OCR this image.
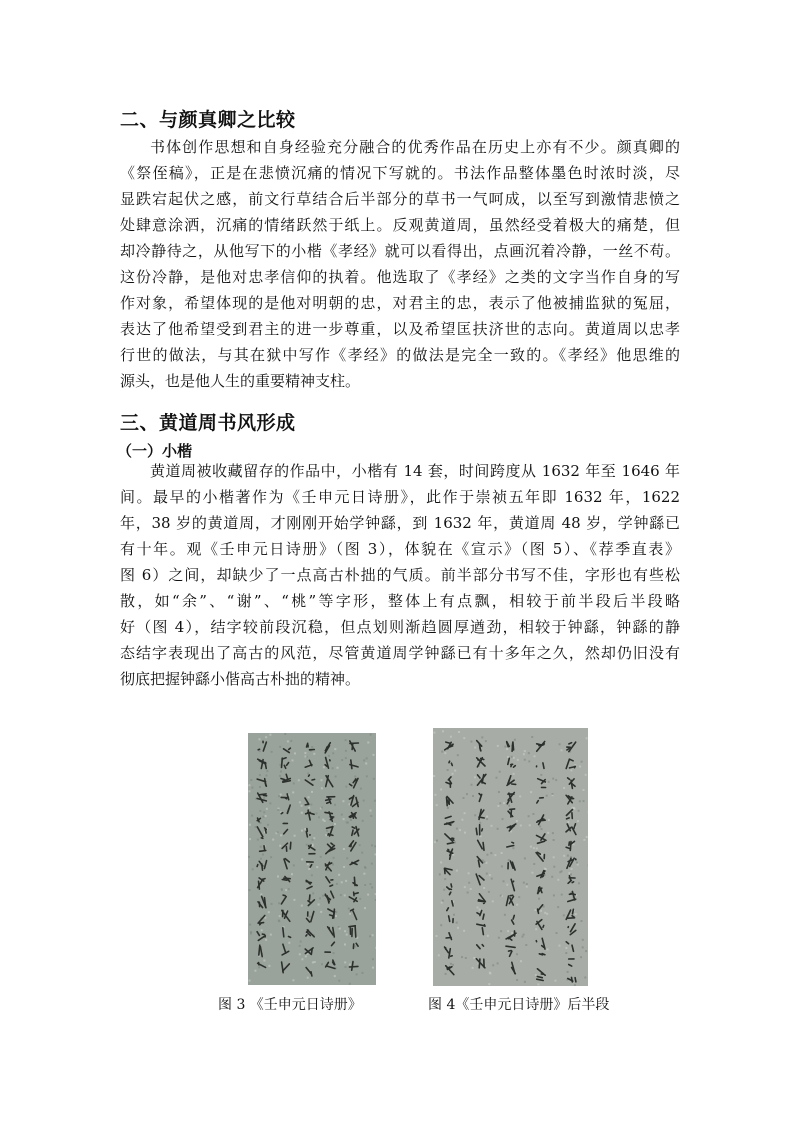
二、与颜真卿之比较
书体创作思想和自身经验充分融合的优秀作品在历史上亦有不少。颜真卿的
《祭侄稿》，正是在悲愤沉痛的情况下写就的。书法作品整体墨色时浓时淡，尽
显跌宕起伏之感，前文行草结合后半部分的草书一气呵成，以至写到激情悲愤之
处肆意涂洒，沉痛的情绪跃然于纸上。反观黄道周，虽然经受着极大的痛楚，但
却冷静待之，从他写下的小楷《孝经》就可以看得出，点画沉着冷静，一丝不苟。
这份冷静，是他对忠孝信仰的执着。他选取了《孝经》之类的文字当作自身的写
作对象，希望体现的是他对明朝的忠，对君主的忠，表示了他被捕监狱的冤屈，
表达了他希望受到君主的进一步尊重，以及希望匡扶济世的志向。黄道周以忠孝
行世的做法，与其在狱中写作《孝经》的做法是完全一致的。《孝经》他思维的
源头，也是他人生的重要精神支柱。
三、黄道周书风形成
（一）小楷
黄道周被收藏留存的作品中，小楷有 14 套，时间跨度从 1632 年至 1646 年
间。最早的小楷著作为《壬申元日诗册》，此作于崇祯五年即 1632 年，1622
年，38 岁的黄道周，才刚刚开始学钟繇，到 1632 年，黄道周 48 岁，学钟繇已
有十年。观《壬申元日诗册》（图 3），体貌在《宣示》（图 5）、《荐季直表》
图 6）之间，却缺少了一点高古朴拙的气质。前半部分书写不佳，字形也有些松
散，如“余”、“谢”、“桃”等字形，整体上有点飘，相较于前半段后半段略
好（图 4），结字较前段沉稳，但点划则渐趋圆厚遒劲，相较于钟繇，钟繇的静
态结字表现出了高古的风范，尽管黄道周学钟繇已有十多年之久，然却仍旧没有
彻底把握钟繇小偕高古朴拙的精神。
图 3 《壬申元日诗册》	图 4《壬申元日诗册》后半段
